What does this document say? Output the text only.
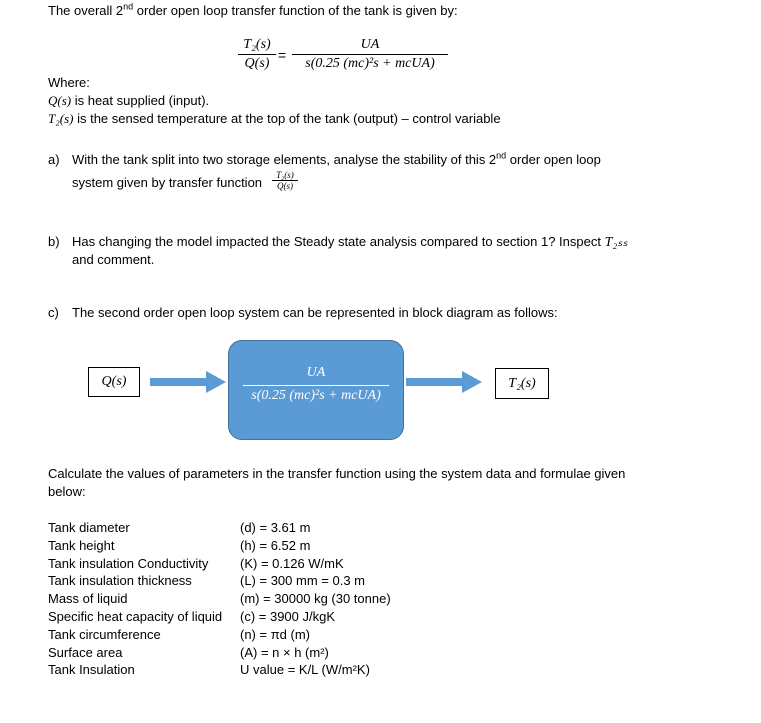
The overall 2nd order open loop transfer function of the tank is given by:
T₂(s)
Q(s)
=
UA
s(0.25 (mc)²s + mcUA)
Where:
Q(s) is heat supplied (input).
T₂(s) is the sensed temperature at the top of the tank (output) – control variable
a) With the tank split into two storage elements, analyse the stability of this 2nd order open loop
system given by transfer function	T₂(s)
Q(s)
b) Has changing the model impacted the Steady state analysis compared to section 1? Inspect T₂ₛₛ
and comment.
c) The second order open loop system can be represented in block diagram as follows:
Q(s)
UA
s(0.25 (mc)²s + mcUA)
T₂(s)
Calculate the values of parameters in the transfer function using the system data and formulae given
below:
Tank diameter
Tank height
Tank insulation Conductivity
Tank insulation thickness
Mass of liquid
Specific heat capacity of liquid
Tank circumference
Surface area
Tank Insulation
(d) = 3.61 m
(h) = 6.52 m
(K) = 0.126 W/mK
(L) = 300 mm = 0.3 m
(m) = 30000 kg (30 tonne)
(c) = 3900 J/kgK
(n) = πd (m)
(A) = n × h (m²)
U value = K/L (W/m²K)
